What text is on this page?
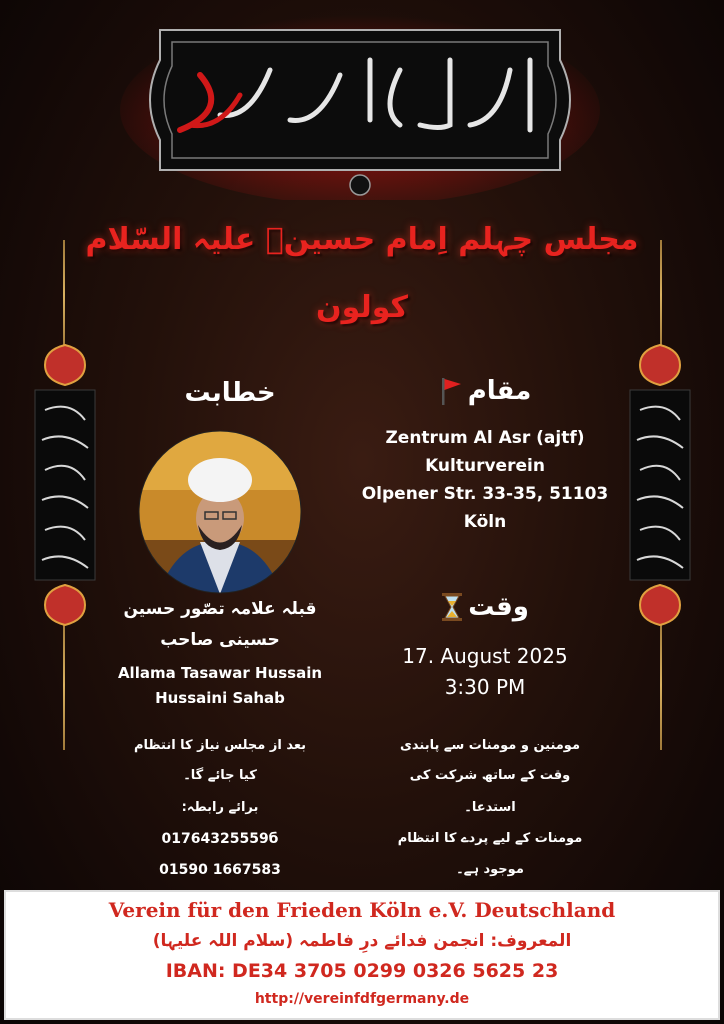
مجلس چہلم اِمام حسینؑ علیہ السّلام
کولون
خطابت
قبلہ علامہ تصّور حسین
حسینی صاحب
Allama Tasawar Hussain
Hussaini Sahab
مقام
Zentrum Al Asr (ajtf)
Kulturverein
Olpener Str. 33-35, 51103
Köln
وقت
17. August 2025
3:30 PM
بعد از مجلس نیاز کا انتظام
کیا جائے گا۔
برائے رابطہ:
01764325559б
01590 1667583
مومنین و مومنات سے پابندی
وقت کے ساتھ شرکت کی
استدعا۔
مومنات کے لیے پردے کا انتظام
موجود ہے۔
Verein für den Frieden Köln e.V. Deutschland
المعروف: انجمن فدائے درِ فاطمہ (سلام اللہ علیہا)
IBAN: DE34 3705 0299 0326 5625 23
http://vereinfdfgermany.de
